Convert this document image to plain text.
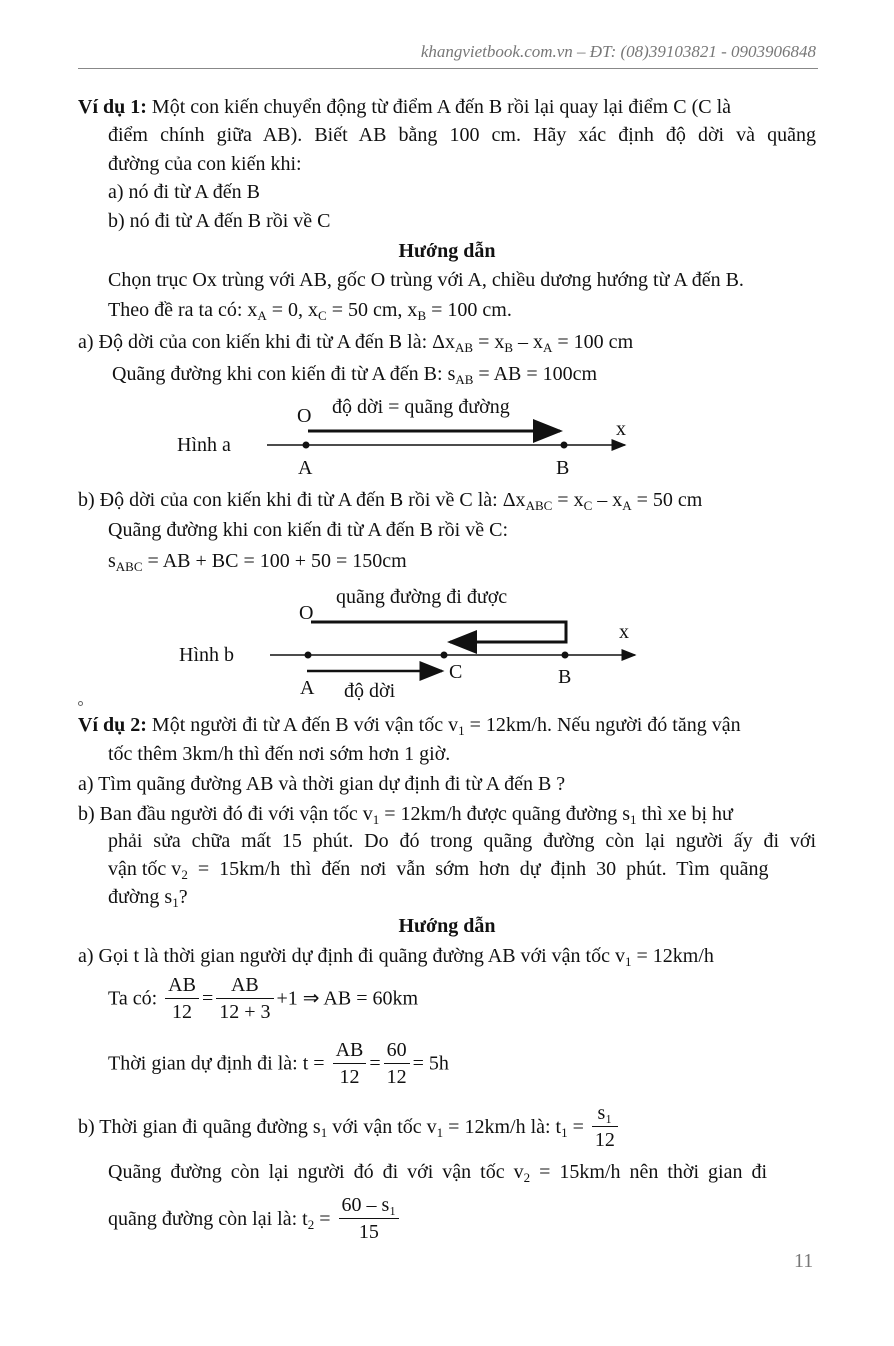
khangvietbook.com.vn – ĐT: (08)39103821 - 0903906848
Ví dụ 1: Một con kiến chuyển động từ điểm A đến B rồi lại quay lại điểm C (C là
điểm chính giữa AB). Biết AB bằng 100 cm. Hãy xác định độ dời và quãng
đường của con kiến khi:
a) nó đi từ A đến B
b) nó đi từ A đến B rồi về C
Hướng dẫn
Chọn trục Ox trùng với AB, gốc O trùng với A, chiều dương hướng từ A đến B.
Theo đề ra ta có: $x_A = 0$, $x_C = 50$ cm, $x_B = 100$ cm.
a) Độ dời của con kiến khi đi từ A đến B là: $\Delta x_{AB} = x_B - x_A = 100$ cm
Quãng đường khi con kiến đi từ A đến B: $s_{AB}$ = AB = 100cm
Hình a
O độ dời = quãng đường
x
A	B
b) Độ dời của con kiến khi đi từ A đến B rồi về C là: $\Delta x_{ABC} = x_C - x_A = 50$ cm
Quãng đường khi con kiến đi từ A đến B rồi về C:
$s_{ABC}$ = AB + BC = 100 + 50 = 150cm
Hình b
O
quãng đường đi được
x
C	B
A độ dời
Ví dụ 2: Một người đi từ A đến B với vận tốc $v_1 = 12km/h$. Nếu người đó tăng vận
tốc thêm 3km/h thì đến nơi sớm hơn 1 giờ.
a) Tìm quãng đường AB và thời gian dự định đi từ A đến B ?
b) Ban đầu người đó đi với vận tốc $v_1 = 12km/h$ được quãng đường $s_1$ thì xe bị hư
phải sửa chữa mất 15 phút. Do đó trong quãng đường còn lại người ấy đi với
vận tốc $v_2 = 15km/h$ thì đến nơi vẫn sớm hơn dự định 30 phút. Tìm quãng
đường $s_1$?
Hướng dẫn
a) Gọi t là thời gian người dự định đi quãng đường AB với vận tốc $v_1 = 12km/h$
Ta có: $\frac{AB}{12} = \frac{AB}{12 + 3} +1$ ⇒ AB = 60km
Thời gian dự định đi là: $t = \frac{AB}{12} = \frac{60}{12} = 5h$
b) Thời gian đi quãng đường $s_1$ với vận tốc $v_1 = 12km/h$ là: $t_1 = \frac{\text{s₁}}{12}$
Quãng đường còn lại người đó đi với vận tốc $v_2 = 15km/h$ nên thời gian đi
quãng đường còn lại là: $t_2 = \frac{\text{60 – s₁}}{15}$
11
